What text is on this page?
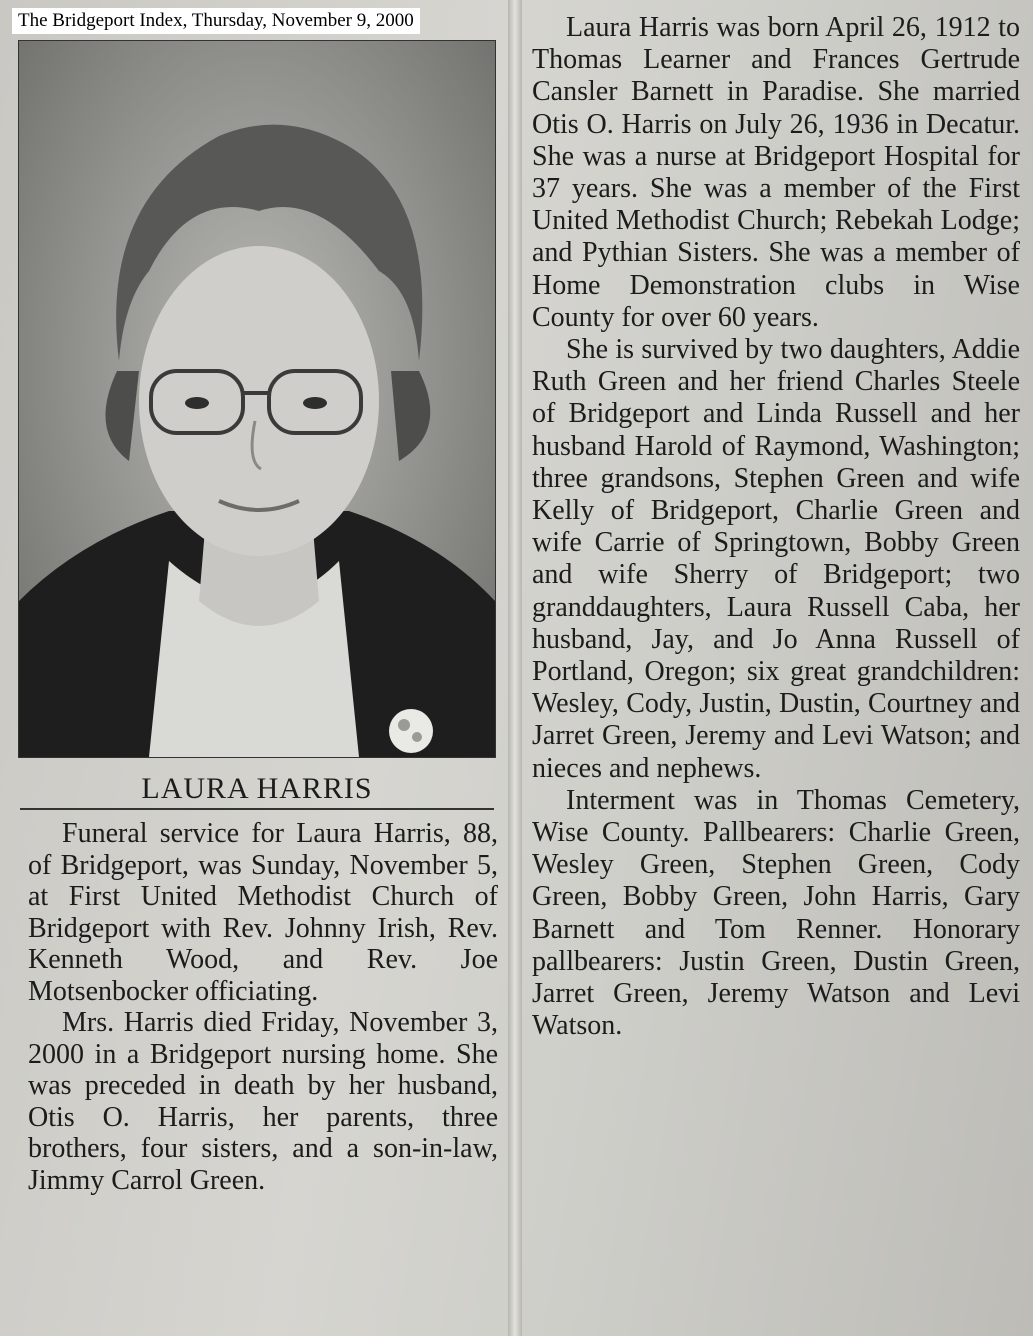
The Bridgeport Index, Thursday, November 9, 2000
LAURA HARRIS

Funeral service for Laura Harris, 88, of Bridgeport, was Sunday, November 5, at First United Methodist Church of Bridgeport with Rev. Johnny Irish, Rev. Kenneth Wood, and Rev. Joe Motsenbocker officiating.

Mrs. Harris died Friday, November 3, 2000 in a Bridgeport nursing home. She was preceded in death by her husband, Otis O. Harris, her parents, three brothers, four sisters, and a son-in-law, Jimmy Carrol Green.

Laura Harris was born April 26, 1912 to Thomas Learner and Frances Gertrude Cansler Barnett in Paradise. She married Otis O. Harris on July 26, 1936 in Decatur. She was a nurse at Bridgeport Hospital for 37 years. She was a member of the First United Methodist Church; Rebekah Lodge; and Pythian Sisters. She was a member of Home Demonstration clubs in Wise County for over 60 years.

She is survived by two daughters, Addie Ruth Green and her friend Charles Steele of Bridgeport and Linda Russell and her husband Harold of Raymond, Washington; three grandsons, Stephen Green and wife Kelly of Bridgeport, Charlie Green and wife Carrie of Springtown, Bobby Green and wife Sherry of Bridgeport; two granddaughters, Laura Russell Caba, her husband, Jay, and Jo Anna Russell of Portland, Oregon; six great grandchildren: Wesley, Cody, Justin, Dustin, Courtney and Jarret Green, Jeremy and Levi Watson; and nieces and nephews.

Interment was in Thomas Cemetery, Wise County. Pallbearers: Charlie Green, Wesley Green, Stephen Green, Cody Green, Bobby Green, John Harris, Gary Barnett and Tom Renner. Honorary pallbearers: Justin Green, Dustin Green, Jarret Green, Jeremy Watson and Levi Watson.
